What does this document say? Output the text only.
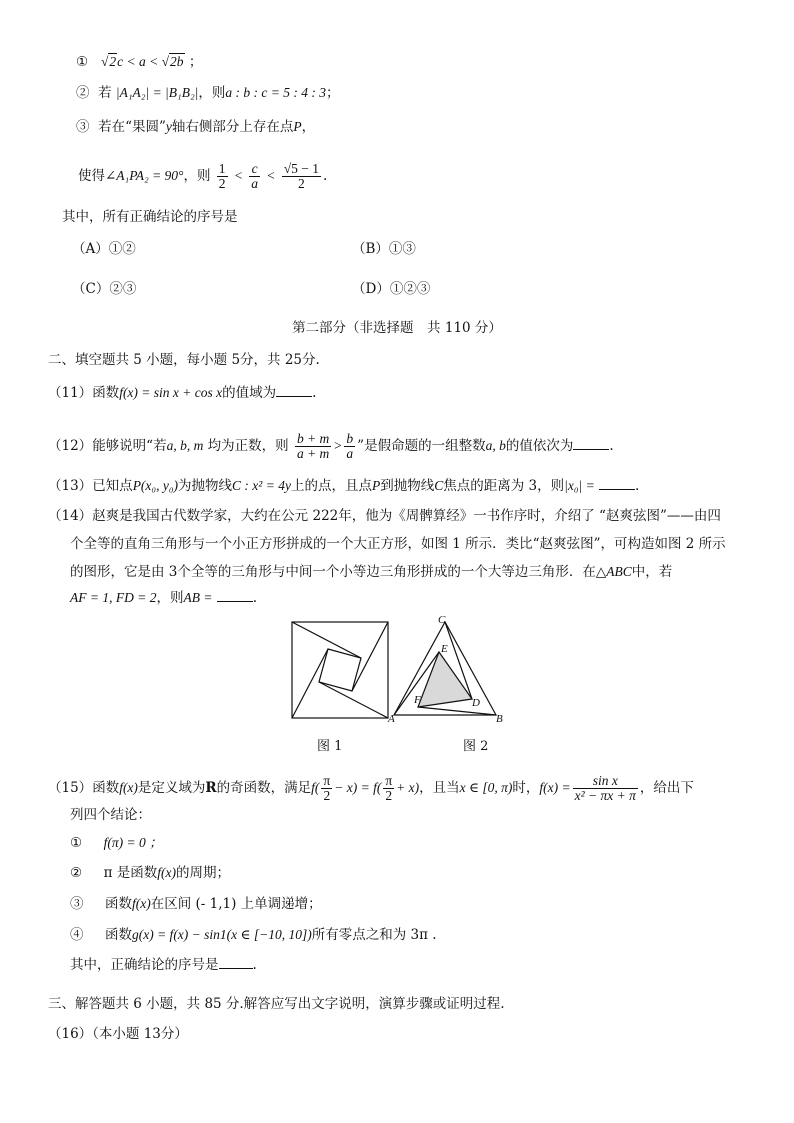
① √2c < a < √2b ；
② 若 |A₁A₂| = |B₁B₂|，则a : b : c = 5 : 4 : 3；
③ 若在“果圆”y轴右侧部分上存在点P，
使得∠A₁PA₂ = 90°，则 $\frac{1}{2} < \frac{c}{a} < \frac{√5 - 1}{2}$ .
其中，所有正确结论的序号是
（A）①②	（B）①③
（C）②③	（D）①②③
第二部分（非选择题　共 110 分）
二、填空题共 5 小题，每小题 5分，共 25分.
（11）函数f(x) = sin x + cos x的值域为	.
（12）能够说明“若a, b, m 均为正数，则 $\frac{b + m}{a + m} > \frac{b}{a}$ ”是假命题的一组整数a, b的值依次为	.
（13）已知点P(x₀, y₀)为抛物线C : x² = 4y上的点，且点P到抛物线C焦点的距离为 3，则|x₀| =	.
（14）赵爽是我国古代数学家，大约在公元 222年，他为《周髀算经》一书作序时，介绍了 “赵爽弦图”——由四
个全等的直角三角形与一个小正方形拼成的一个大正方形，如图 1 所示．类比“赵爽弦图”，可构造如图 2 所示
的图形，它是由 3个全等的三角形与中间一个小等边三角形拼成的一个大等边三角形．在△ABC中，若
AF = 1, FD = 2，则AB =	.
C
E
F	D
A	B
图 1	图 2
（15）函数f(x)是定义域为R的奇函数，满足$f( \frac{\pi}{2} - x) = f( \frac{\pi}{2} + x)$，且当x ∈ [0, π)时，$f(x) = \frac{\text{sin x}}{\text{x² − πx + π}}$ ，给出下
列四个结论：
① f(π) = 0 ；
② π 是函数f(x)的周期；
③ 函数f(x)在区间 (- 1,1) 上单调递增；
④ 函数g(x) = f(x) − sin1(x ∈ [−10, 10])所有零点之和为 3π .
其中，正确结论的序号是	.
三、解答题共 6 小题，共 85 分.解答应写出文字说明，演算步骤或证明过程.
（16）（本小题 13分）
